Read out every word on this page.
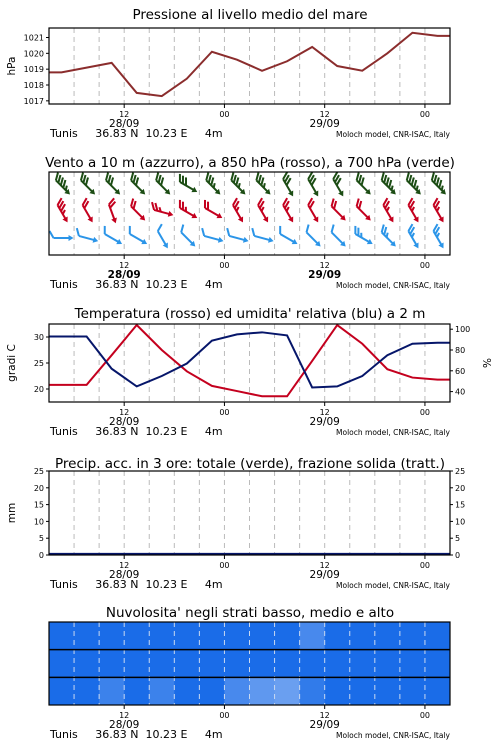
Pressione al livello medio del mare
1017
1018
1019
1020
1021
hPa
12	00	12	00
28/09	29/09
Tunis     36.83 N  10.23 E     4m	Moloch model, CNR-ISAC, Italy
Vento a 10 m (azzurro), a 850 hPa (rosso), a 700 hPa (verde)
12	00	12	00
28/09	29/09
Tunis     36.83 N  10.23 E     4m	Moloch model, CNR-ISAC, Italy
Temperatura (rosso) ed umidita' relativa (blu) a 2 m
20
25
30
40
60
80
100
gradi C	%
12	00	12	00
28/09	29/09
Tunis     36.83 N  10.23 E     4m	Moloch model, CNR-ISAC, Italy
Precip. acc. in 3 ore: totale (verde), frazione solida (tratt.)
0	0
5	5
10	10
15	15
20	20
25	25
mm
12	00	12	00
28/09	29/09
Tunis     36.83 N  10.23 E     4m	Moloch model, CNR-ISAC, Italy
Nuvolosita' negli strati basso, medio e alto
12	00	12	00
28/09	29/09
Tunis     36.83 N  10.23 E     4m	Moloch model, CNR-ISAC, Italy
